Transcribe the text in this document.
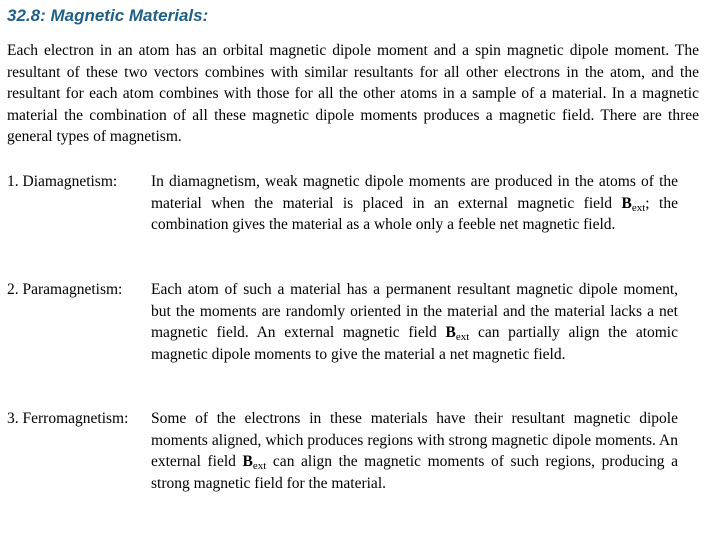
32.8: Magnetic Materials:

Each electron in an atom has an orbital magnetic dipole moment and a spin magnetic dipole moment. The resultant of these two vectors combines with similar resultants for all other electrons in the atom, and the resultant for each atom combines with those for all the other atoms in a sample of a material. In a magnetic material the combination of all these magnetic dipole moments produces a magnetic field. There are three general types of magnetism.

1. Diamagnetism: In diamagnetism, weak magnetic dipole moments are produced in the atoms of the material when the material is placed in an external magnetic field $B_{ext}$; the combination gives the material as a whole only a feeble net magnetic field.

2. Paramagnetism: Each atom of such a material has a permanent resultant magnetic dipole moment, but the moments are randomly oriented in the material and the material lacks a net magnetic field. An external magnetic field $B_{ext}$ can partially align the atomic magnetic dipole moments to give the material a net magnetic field.

3. Ferromagnetism: Some of the electrons in these materials have their resultant magnetic dipole moments aligned, which produces regions with strong magnetic dipole moments. An external field $B_{ext}$ can align the magnetic moments of such regions, producing a strong magnetic field for the material.
